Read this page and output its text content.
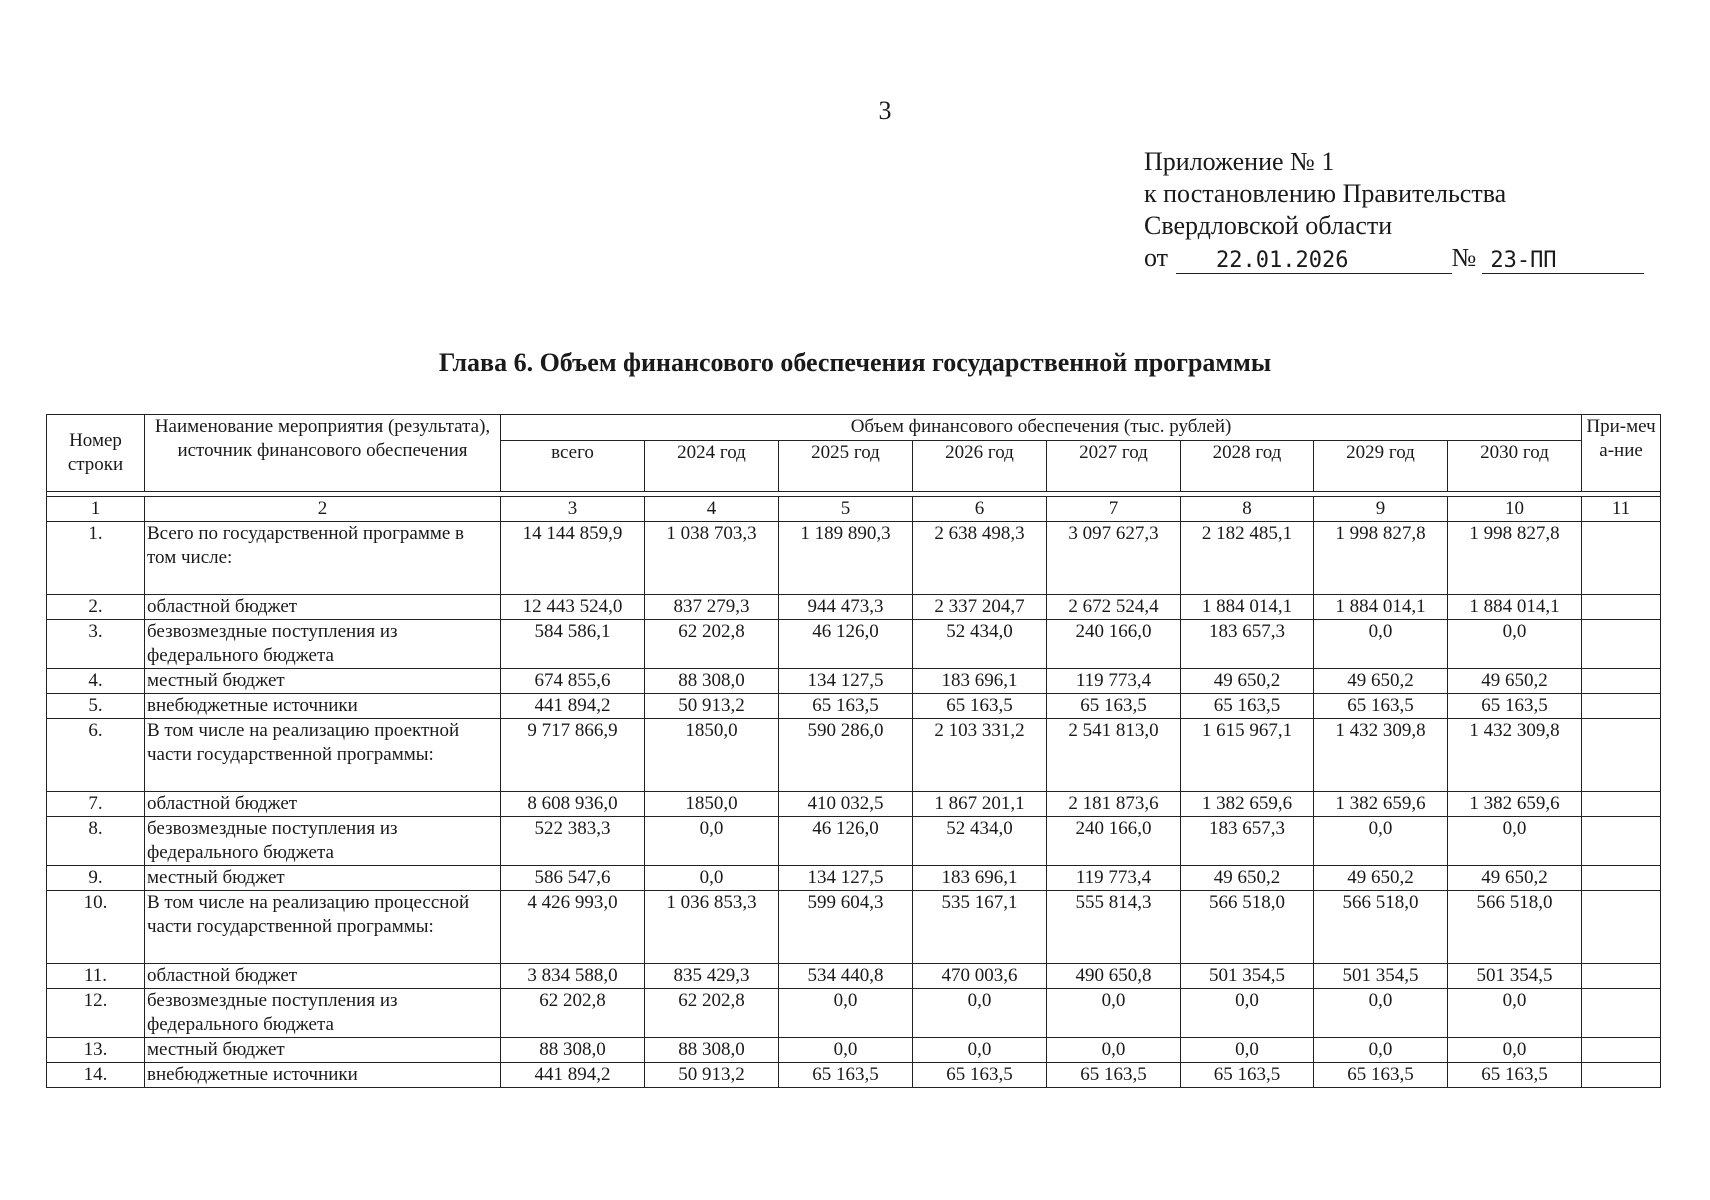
3
Приложение № 1
к постановлению Правительства
Свердловской области
от	22.01.2026	№ 23-ПП
Глава 6. Объем финансового обеспечения государственной программы
Номер строки	Наименование мероприятия (результата), источник финансового обеспечения	Объем финансового обеспечения (тыс. рублей)								При-меча-ние
		всего	2024 год	2025 год	2026 год	2027 год	2028 год	2029 год	2030 год	

1	2	3	4	5	6	7	8	9	10	11
1.	Всего по государственной программе в том числе:	14 144 859,9	1 038 703,3	1 189 890,3	2 638 498,3	3 097 627,3	2 182 485,1	1 998 827,8	1 998 827,8	
2.	областной бюджет	12 443 524,0	837 279,3	944 473,3	2 337 204,7	2 672 524,4	1 884 014,1	1 884 014,1	1 884 014,1	
3.	безвозмездные поступления из федерального бюджета	584 586,1	62 202,8	46 126,0	52 434,0	240 166,0	183 657,3	0,0	0,0	
4.	местный бюджет	674 855,6	88 308,0	134 127,5	183 696,1	119 773,4	49 650,2	49 650,2	49 650,2	
5.	внебюджетные источники	441 894,2	50 913,2	65 163,5	65 163,5	65 163,5	65 163,5	65 163,5	65 163,5	
6.	В том числе на реализацию проектной части государственной программы:	9 717 866,9	1850,0	590 286,0	2 103 331,2	2 541 813,0	1 615 967,1	1 432 309,8	1 432 309,8	
7.	областной бюджет	8 608 936,0	1850,0	410 032,5	1 867 201,1	2 181 873,6	1 382 659,6	1 382 659,6	1 382 659,6	
8.	безвозмездные поступления из федерального бюджета	522 383,3	0,0	46 126,0	52 434,0	240 166,0	183 657,3	0,0	0,0	
9.	местный бюджет	586 547,6	0,0	134 127,5	183 696,1	119 773,4	49 650,2	49 650,2	49 650,2	
10.	В том числе на реализацию процессной части государственной программы:	4 426 993,0	1 036 853,3	599 604,3	535 167,1	555 814,3	566 518,0	566 518,0	566 518,0	
11.	областной бюджет	3 834 588,0	835 429,3	534 440,8	470 003,6	490 650,8	501 354,5	501 354,5	501 354,5	
12.	безвозмездные поступления из федерального бюджета	62 202,8	62 202,8	0,0	0,0	0,0	0,0	0,0	0,0	
13.	местный бюджет	88 308,0	88 308,0	0,0	0,0	0,0	0,0	0,0	0,0	
14.	внебюджетные источники	441 894,2	50 913,2	65 163,5	65 163,5	65 163,5	65 163,5	65 163,5	65 163,5	
